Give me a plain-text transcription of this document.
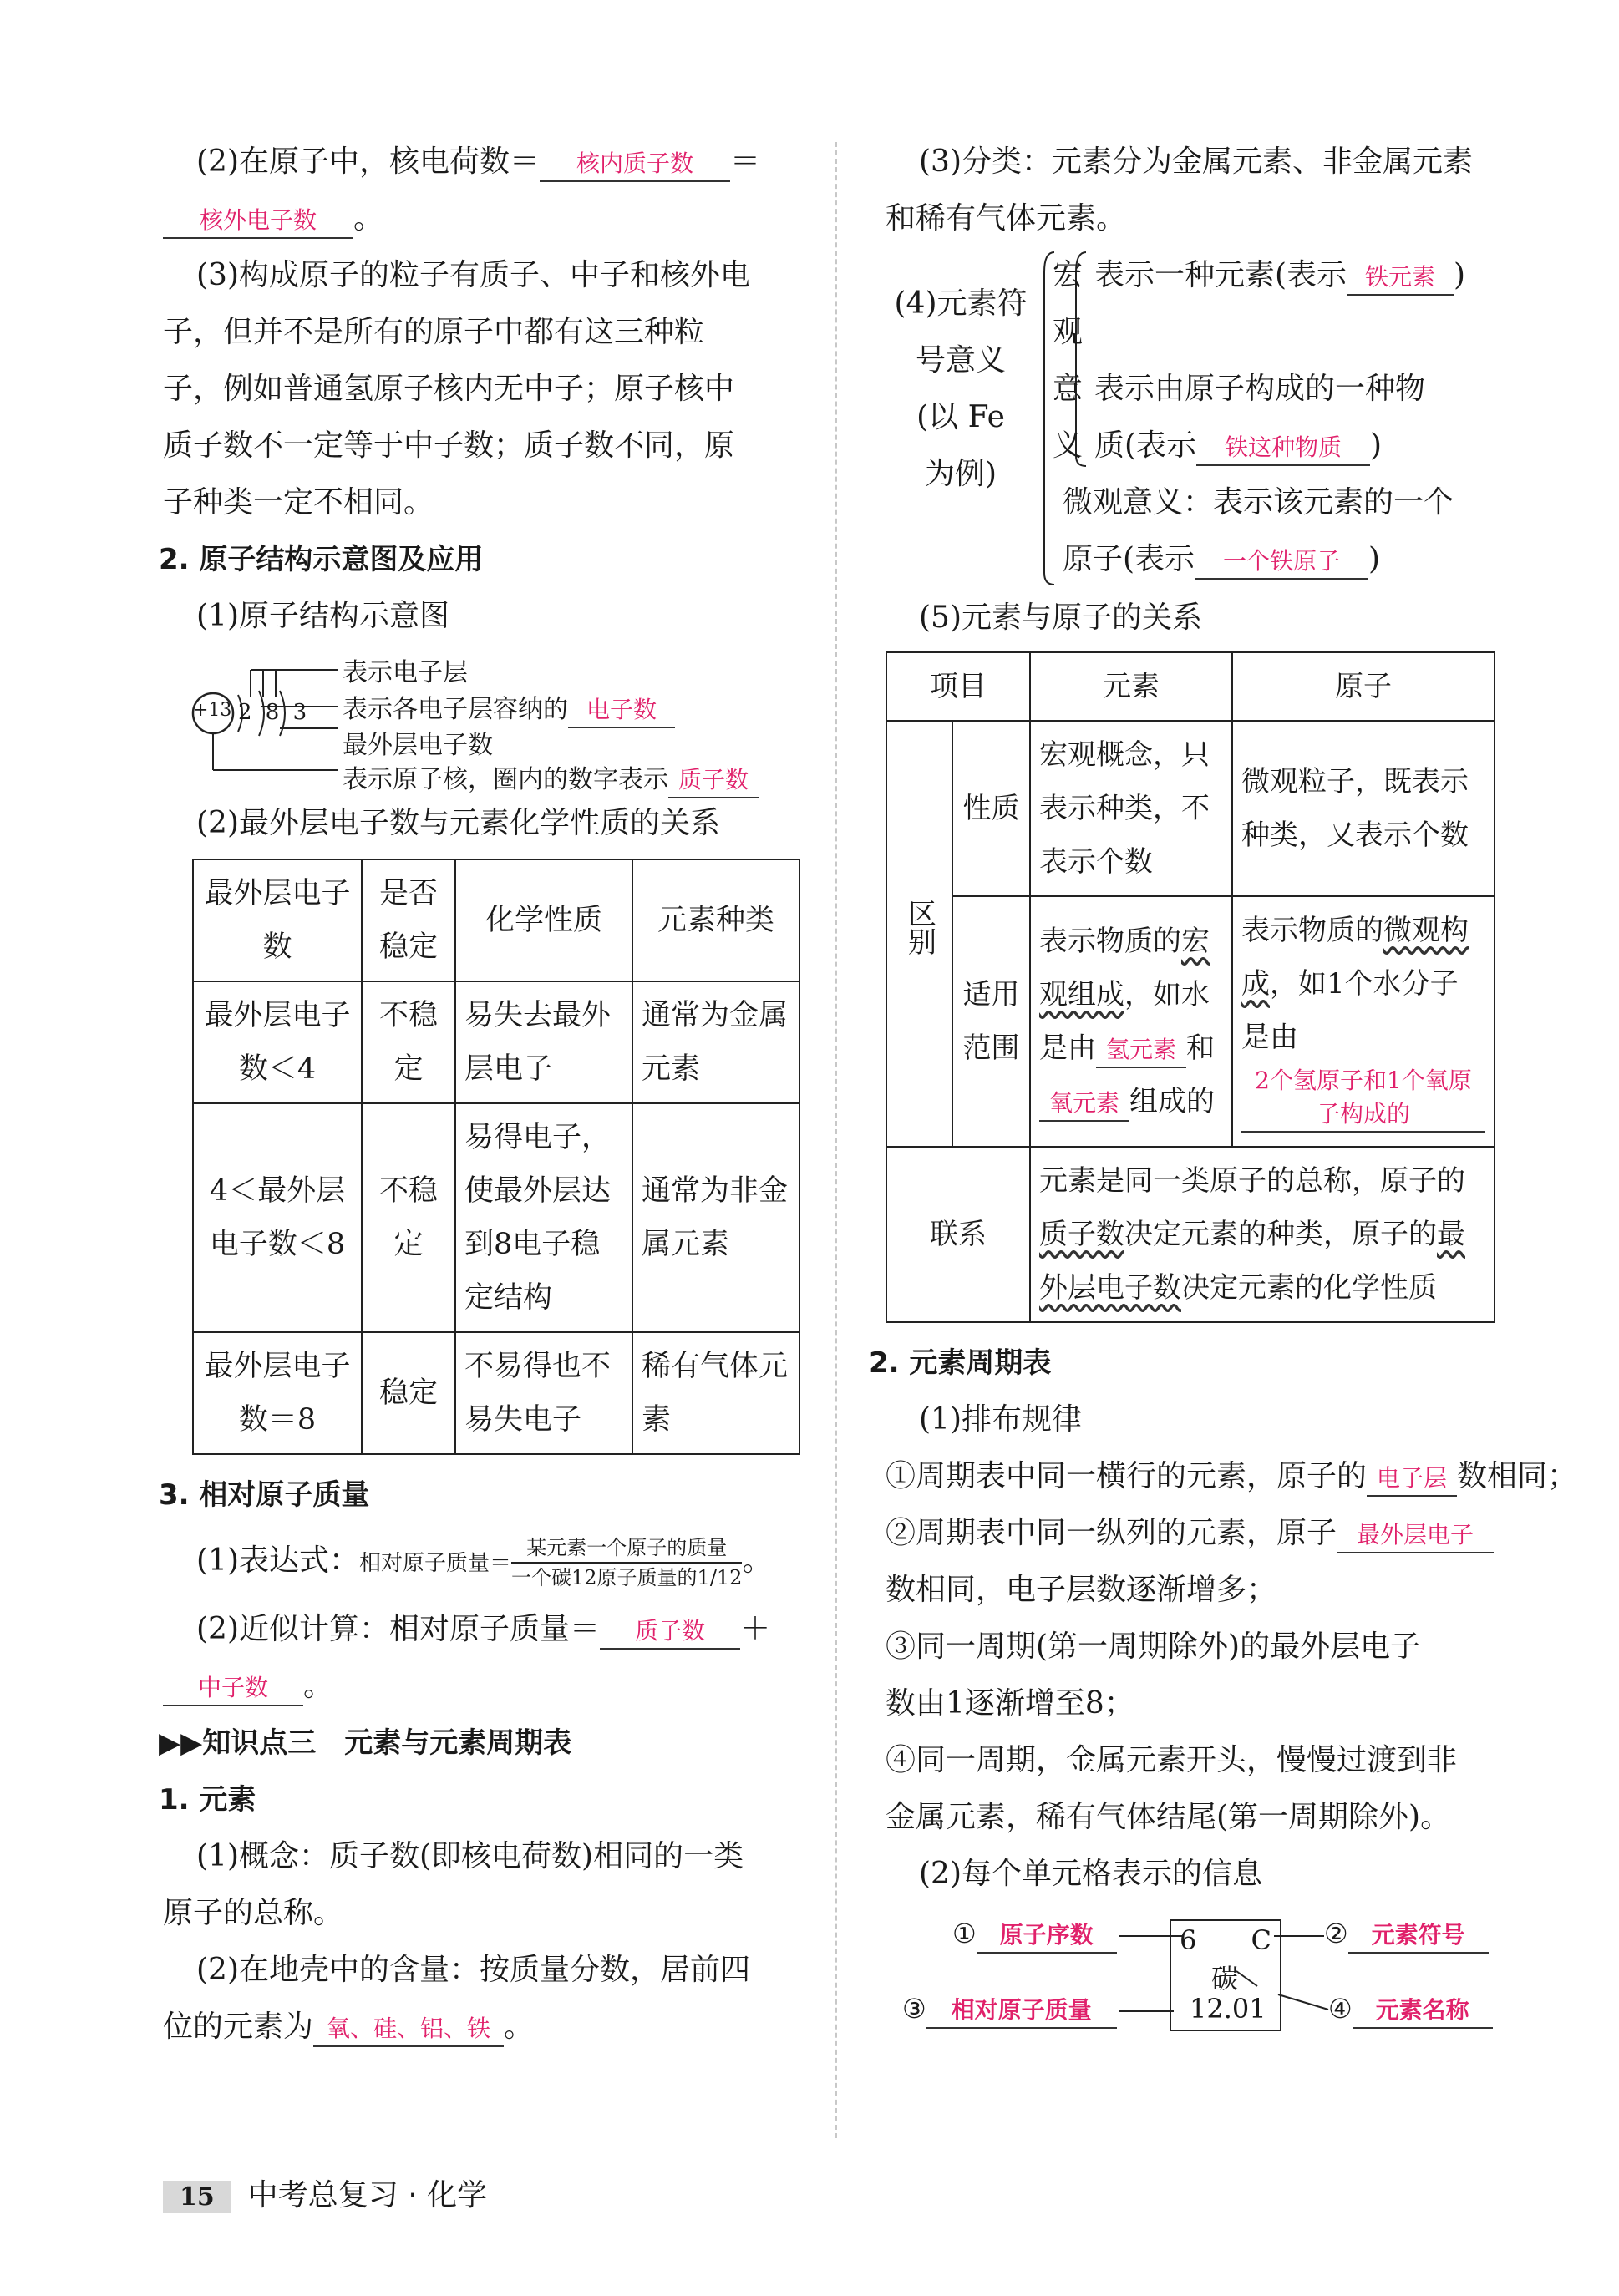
(2)在原子中，核电荷数＝ 核内质子数 ＝

核外电子数 。

(3)构成原子的粒子有质子、中子和核外电

子，但并不是所有的原子中都有这三种粒

子，例如普通氢原子核内无中子；原子核中

质子数不一定等于中子数；质子数不同，原

子种类一定不相同。

2. 原子结构示意图及应用

(1)原子结构示意图

+13 2 8 3
表示电子层
表示各电子层容纳的 电子数
最外层电子数
表示原子核，圈内的数字表示 质子数

(2)最外层电子数与元素化学性质的关系

最外层电子数	是否稳定	化学性质	元素种类
最外层电子数＜4	不稳定	易失去最外层电子	通常为金属元素
4＜最外层电子数＜8	不稳定	易得电子，使最外层达到8电子稳定结构	通常为非金属元素
最外层电子数＝8	稳定	不易得也不易失电子	稀有气体元素

3. 相对原子质量

(1)表达式：相对原子质量＝ $\frac{\text{某元素一个原子的质量}}{\text{一个碳12原子质量的1/12}}$ 。

(2)近似计算：相对原子质量＝ 质子数 ＋

中子数 。

▶▶知识点三　元素与元素周期表

1. 元素

(1)概念：质子数(即核电荷数)相同的一类

原子的总称。

(2)在地壳中的含量：按质量分数，居前四

位的元素为 氧、硅、铝、铁 。

(3)分类：元素分为金属元素、非金属元素

和稀有气体元素。

(4)元素符
号意义
(以 Fe
为例)
宏
观
意
义
表示一种元素(表示 铁元素 )

表示由原子构成的一种物
质(表示 铁这种物质 )
微观意义：表示该元素的一个
原子(表示 一个铁原子 )

(5)元素与原子的关系

项目		元素	原子
区别	性质	宏观概念，只表示种类，不表示个数	微观粒子，既表示种类，又表示个数
	适用范围	表示物质的宏观组成，如水是由 氢元素 和氧元素 组成的	表示物质的微观构成，如1个水分子是由2个氢原子和1个氧原子构成的
联系		元素是同一类原子的总称，原子的质子数决定元素的种类，原子的最外层电子数决定元素的化学性质	

2. 元素周期表

(1)排布规律

①周期表中同一横行的元素，原子的 电子层 数相同；

②周期表中同一纵列的元素，原子 最外层电子

数相同，电子层数逐渐增多；

③同一周期(第一周期除外)的最外层电子

数由1逐渐增至8；

④同一周期，金属元素开头，慢慢过渡到非

金属元素，稀有气体结尾(第一周期除外)。

(2)每个单元格表示的信息

6 C
碳
12.01
① 原子序数	② 元素符号
③ 相对原子质量	④ 元素名称
15 中考总复习 · 化学
